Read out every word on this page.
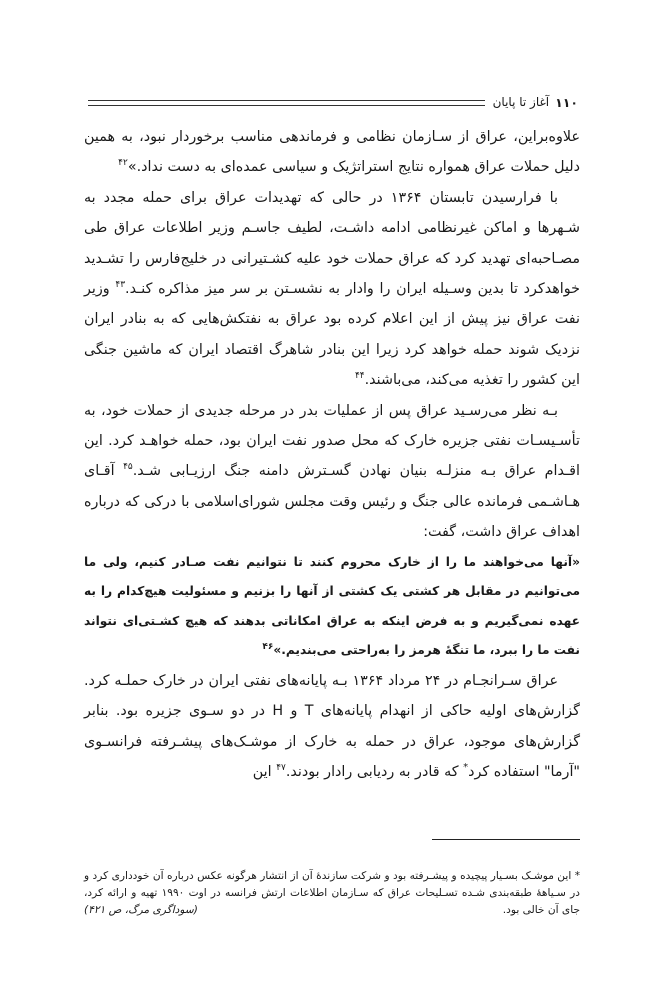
۱۱۰
آغاز تا پایان

علاوه‌براین، عراق از سـازمان نظامی و فرماندهی مناسب برخوردار نبود، به همین دلیل حملات عراق همواره نتایج استراتژیک و سیاسی عمده‌ای به دست نداد.»$^{۴۲}$

با فرارسیدن تابستان ۱۳۶۴ در حالی که تهدیدات عراق برای حمله مجدد به شـهرها و اماکن غیرنظامی ادامه داشـت، لطیف جاسـم وزیر اطلاعات عراق طی مصـاحبه‌ای تهدید کرد که عراق حملات خود علیه کشـتیرانی در خلیج‌فارس را تشـدید خواهدکرد تا بدین وسـیله ایران را وادار به نشسـتن بر سر میز مذاکره کنـد.$^{۴۳}$ وزیر نفت عراق نیز پیش از این اعلام کرده بود عراق به نفتکش‌هایی که به بنادر ایران نزدیک شوند حمله خواهد کرد زیرا این بنادر شاهرگ اقتصاد ایران که ماشین جنگی این کشور را تغذیه می‌کند، می‌باشند.$^{۴۴}$

بـه نظر می‌رسـید عراق پس از عملیات بدر در مرحله جدیدی از حملات خود، به تأسـیسـات نفتی جزیره خارک که محل صدور نفت ایران بود، حمله خواهـد کرد. این اقـدام عراق بـه منزلـه بنیان نهادن گسـترش دامنه جنگ ارزیـابی شـد.$^{۴۵}$ آقـای هـاشـمی فرمانده عالی جنگ و رئیس وقت مجلس شورای‌اسلامی با درکی که درباره اهداف عراق داشت، گفت:

«آنها می‌خواهند ما را از خارک محروم کنند تا نتوانیم نفت صـادر کنیم، ولی ما می‌توانیم در مقابل هر کشتی یک کشتی از آنها را بزنیم و مسئولیت هیچ‌کدام را به عهده نمی‌گیریم و به فرض اینکه به عراق امکاناتی بدهند که هیچ کشـتی‌ای نتواند نفت ما را ببرد، ما تنگهٔ هرمز را به‌راحتی می‌بندیم.»$^{۴۶}$

عراق سـرانجـام در ۲۴ مرداد ۱۳۶۴ بـه پایانه‌های نفتی ایران در خارک حملـه کرد. گزارش‌های اولیه حاکی از انهدام پایانه‌های T و H در دو سـوی جزیره بود. بنابر گزارش‌های موجود، عراق در حمله به خارک از موشـک‌های پیشـرفته فرانسـوی "آرما" استفاده کرد* که قادر به ردیابی رادار بودند.$^{۴۷}$ این

* این موشـک بسـیار پیچیده و پیشـرفته بود و شرکت سازندهٔ آن از انتشار هرگونه عکس درباره آن خودداری کرد و در سـیاههٔ طبقه‌بندی شـده تسـلیحات عراق که سـازمان اطلاعات ارتش فرانسه در اوت ۱۹۹۰ تهیه و ارائه کرد، جای آن خالی بود.
(سوداگری مرگ، ص ۴۲۱)
